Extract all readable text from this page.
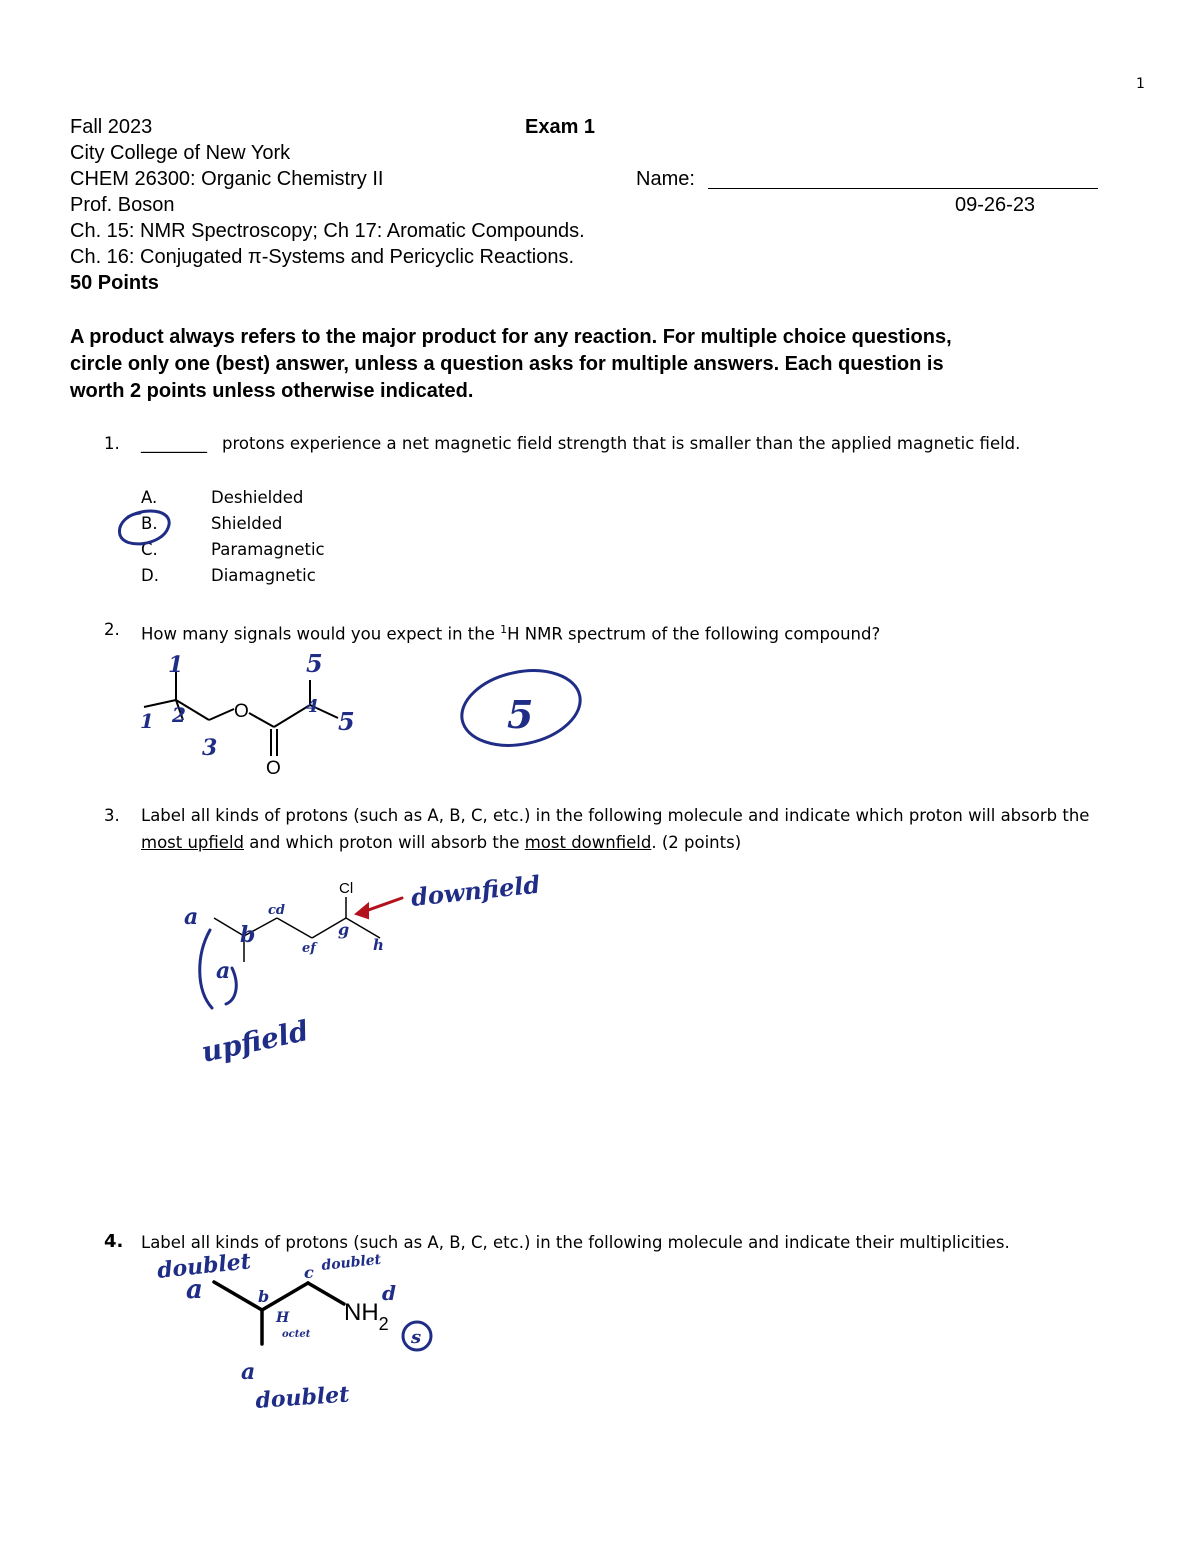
1
Fall 2023	Exam 1
City College of New York
CHEM 26300: Organic Chemistry II	Name:
Prof. Boson	09-26-23
Ch. 15: NMR Spectroscopy; Ch 17: Aromatic Compounds.
Ch. 16: Conjugated π-Systems and Pericyclic Reactions.
50 Points
A product always refers to the major product for any reaction. For multiple choice questions,
circle only one (best) answer, unless a question asks for multiple answers. Each question is
worth 2 points unless otherwise indicated.
1. ________ protons experience a net magnetic field strength that is smaller than the applied magnetic field.
A.	Deshielded
B.	Shielded
C.	Paramagnetic
D.	Diamagnetic
2. How many signals would you expect in the $^1$H NMR spectrum of the following compound?
O
O
1
1 2
3
4
5
5	5
3. Label all kinds of protons (such as A, B, C, etc.) in the following molecule and indicate which proton will absorb the
most upfield and which proton will absorb the most downfield. (2 points)
Cl
a
b
cd
ef
g
h
a
upfield
downfield
4. Label all kinds of protons (such as A, B, C, etc.) in the following molecule and indicate their multiplicities.
$NH_2$
a	b
c
d
a
H
doublet	doublet
octet
doublet
s
